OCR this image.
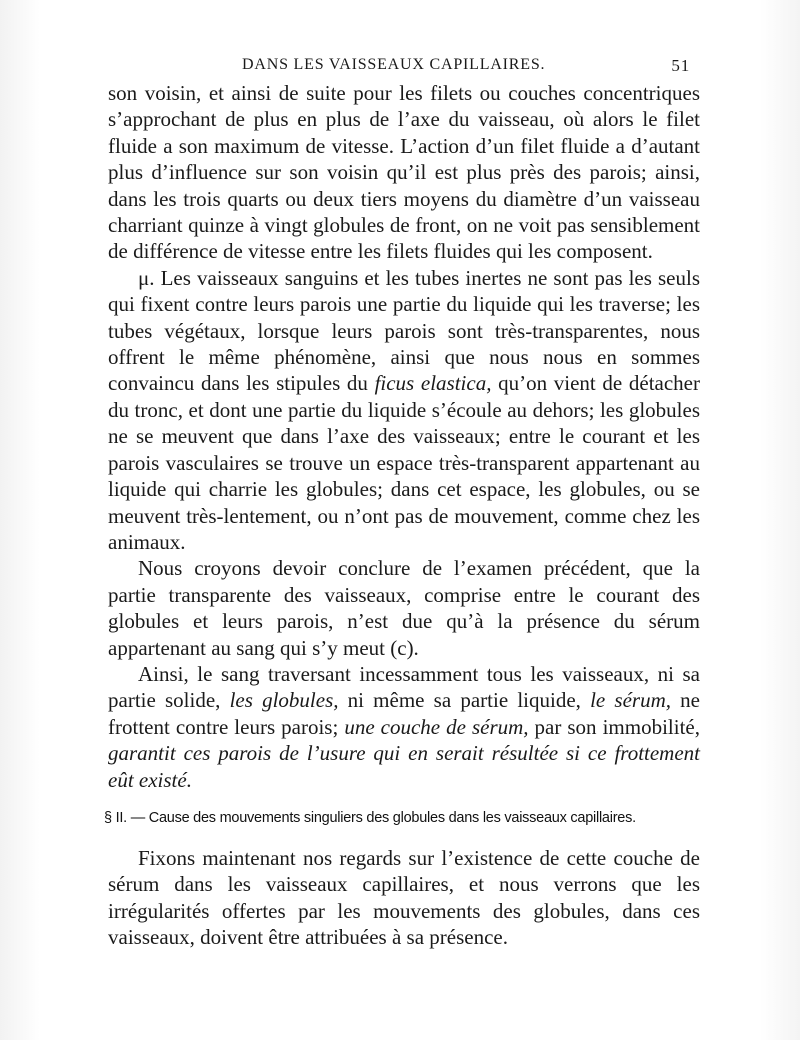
DANS LES VAISSEAUX CAPILLAIRES.	51

son voisin, et ainsi de suite pour les filets ou couches concentriques s’approchant de plus en plus de l’axe du vaisseau, où alors le filet fluide a son maximum de vitesse. L’action d’un filet fluide a d’autant plus d’influence sur son voisin qu’il est plus près des parois; ainsi, dans les trois quarts ou deux tiers moyens du diamètre d’un vaisseau charriant quinze à vingt globules de front, on ne voit pas sensiblement de différence de vitesse entre les filets fluides qui les composent.

μ. Les vaisseaux sanguins et les tubes inertes ne sont pas les seuls qui fixent contre leurs parois une partie du liquide qui les traverse; les tubes végétaux, lorsque leurs parois sont très-transparentes, nous offrent le même phénomène, ainsi que nous nous en sommes convaincu dans les stipules du ficus elastica, qu’on vient de détacher du tronc, et dont une partie du liquide s’écoule au dehors; les globules ne se meuvent que dans l’axe des vaisseaux; entre le courant et les parois vasculaires se trouve un espace très-transparent appartenant au liquide qui charrie les globules; dans cet espace, les globules, ou se meuvent très-lentement, ou n’ont pas de mouvement, comme chez les animaux.

Nous croyons devoir conclure de l’examen précédent, que la partie transparente des vaisseaux, comprise entre le courant des globules et leurs parois, n’est due qu’à la présence du sérum appartenant au sang qui s’y meut (c).

Ainsi, le sang traversant incessamment tous les vaisseaux, ni sa partie solide, les globules, ni même sa partie liquide, le sérum, ne frottent contre leurs parois; une couche de sérum, par son immobilité, garantit ces parois de l’usure qui en serait résultée si ce frottement eût existé.

§ II. — Cause des mouvements singuliers des globules dans les vaisseaux capillaires.

Fixons maintenant nos regards sur l’existence de cette couche de sérum dans les vaisseaux capillaires, et nous verrons que les irrégularités offertes par les mouvements des globules, dans ces vaisseaux, doivent être attribuées à sa présence.
